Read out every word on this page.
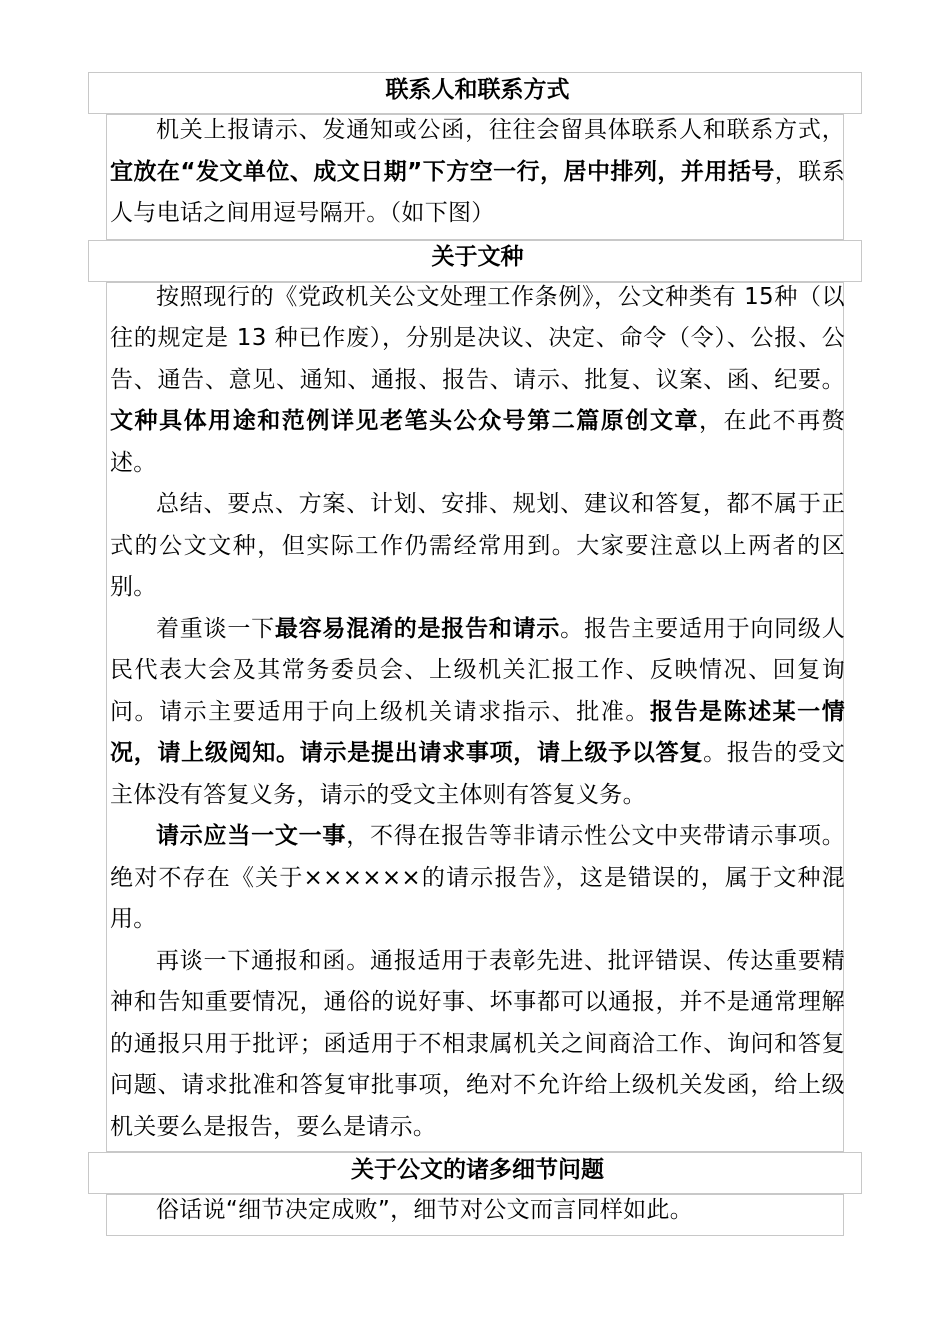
联系人和联系方式

机关上报请示、发通知或公函，往往会留具体联系人和联系方式，宜放在“发文单位、成文日期”下方空一行，居中排列，并用括号，联系人与电话之间用逗号隔开。（如下图）

关于文种

按照现行的《党政机关公文处理工作条例》，公文种类有 15种（以往的规定是 13 种已作废），分别是决议、决定、命令（令）、公报、公告、通告、意见、通知、通报、报告、请示、批复、议案、函、纪要。文种具体用途和范例详见老笔头公众号第二篇原创文章，在此不再赘述。

总结、要点、方案、计划、安排、规划、建议和答复，都不属于正式的公文文种，但实际工作仍需经常用到。大家要注意以上两者的区别。

着重谈一下最容易混淆的是报告和请示。报告主要适用于向同级人民代表大会及其常务委员会、上级机关汇报工作、反映情况、回复询问。请示主要适用于向上级机关请求指示、批准。报告是陈述某一情况，请上级阅知。请示是提出请求事项，请上级予以答复。报告的受文主体没有答复义务，请示的受文主体则有答复义务。

请示应当一文一事，不得在报告等非请示性公文中夹带请示事项。绝对不存在《关于××××××的请示报告》，这是错误的，属于文种混用。

再谈一下通报和函。通报适用于表彰先进、批评错误、传达重要精神和告知重要情况，通俗的说好事、坏事都可以通报，并不是通常理解的通报只用于批评；函适用于不相隶属机关之间商洽工作、询问和答复问题、请求批准和答复审批事项，绝对不允许给上级机关发函，给上级机关要么是报告，要么是请示。

关于公文的诸多细节问题

俗话说“细节决定成败”，细节对公文而言同样如此。
